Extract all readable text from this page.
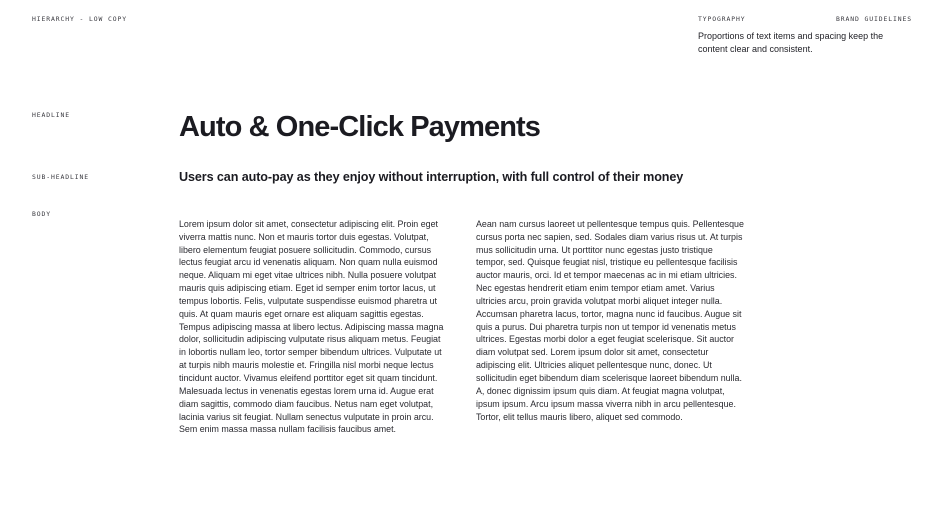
HIERARCHY - LOW COPY	TYPOGRAPHY	BRAND GUIDELINES
Proportions of text items and spacing keep the content clear and consistent.
HEADLINE
SUB-HEADLINE
BODY
Auto & One-Click Payments
Users can auto-pay as they enjoy without interruption, with full control of their money

Lorem ipsum dolor sit amet, consectetur adipiscing elit. Proin eget viverra mattis nunc. Non et mauris tortor duis egestas. Volutpat, libero elementum feugiat posuere sollicitudin. Commodo, cursus lectus feugiat arcu id venenatis aliquam. Non quam nulla euismod neque. Aliquam mi eget vitae ultrices nibh. Nulla posuere volutpat mauris quis adipiscing etiam. Eget id semper enim tortor lacus, ut tempus lobortis. Felis, vulputate suspendisse euismod pharetra ut quis. At quam mauris eget ornare est aliquam sagittis egestas. Tempus adipiscing massa at libero lectus. Adipiscing massa magna dolor, sollicitudin adipiscing vulputate risus aliquam metus. Feugiat in lobortis nullam leo, tortor semper bibendum ultrices. Vulputate ut at turpis nibh mauris molestie et. Fringilla nisl morbi neque lectus tincidunt auctor. Vivamus eleifend porttitor eget sit quam tincidunt. Malesuada lectus in venenatis egestas lorem urna id. Augue erat diam sagittis, commodo diam faucibus. Netus nam eget volutpat, lacinia varius sit feugiat. Nullam senectus vulputate in proin arcu. Sem enim massa massa nullam facilisis faucibus amet.

Aean nam cursus laoreet ut pellentesque tempus quis. Pellentesque cursus porta nec sapien, sed. Sodales diam varius risus ut. At turpis mus sollicitudin urna. Ut porttitor nunc egestas justo tristique tempor, sed. Quisque feugiat nisl, tristique eu pellentesque facilisis auctor mauris, orci. Id et tempor maecenas ac in mi etiam ultricies. Nec egestas hendrerit etiam enim tempor etiam amet. Varius ultricies arcu, proin gravida volutpat morbi aliquet integer nulla. Accumsan pharetra lacus, tortor, magna nunc id faucibus. Augue sit quis a purus. Dui pharetra turpis non ut tempor id venenatis metus ultrices. Egestas morbi dolor a eget feugiat scelerisque. Sit auctor diam volutpat sed. Lorem ipsum dolor sit amet, consectetur adipiscing elit. Ultricies aliquet pellentesque nunc, donec. Ut sollicitudin eget bibendum diam scelerisque laoreet bibendum nulla. A, donec dignissim ipsum quis diam. At feugiat magna volutpat, ipsum ipsum. Arcu ipsum massa viverra nibh in arcu pellentesque. Tortor, elit tellus mauris libero, aliquet sed commodo.
